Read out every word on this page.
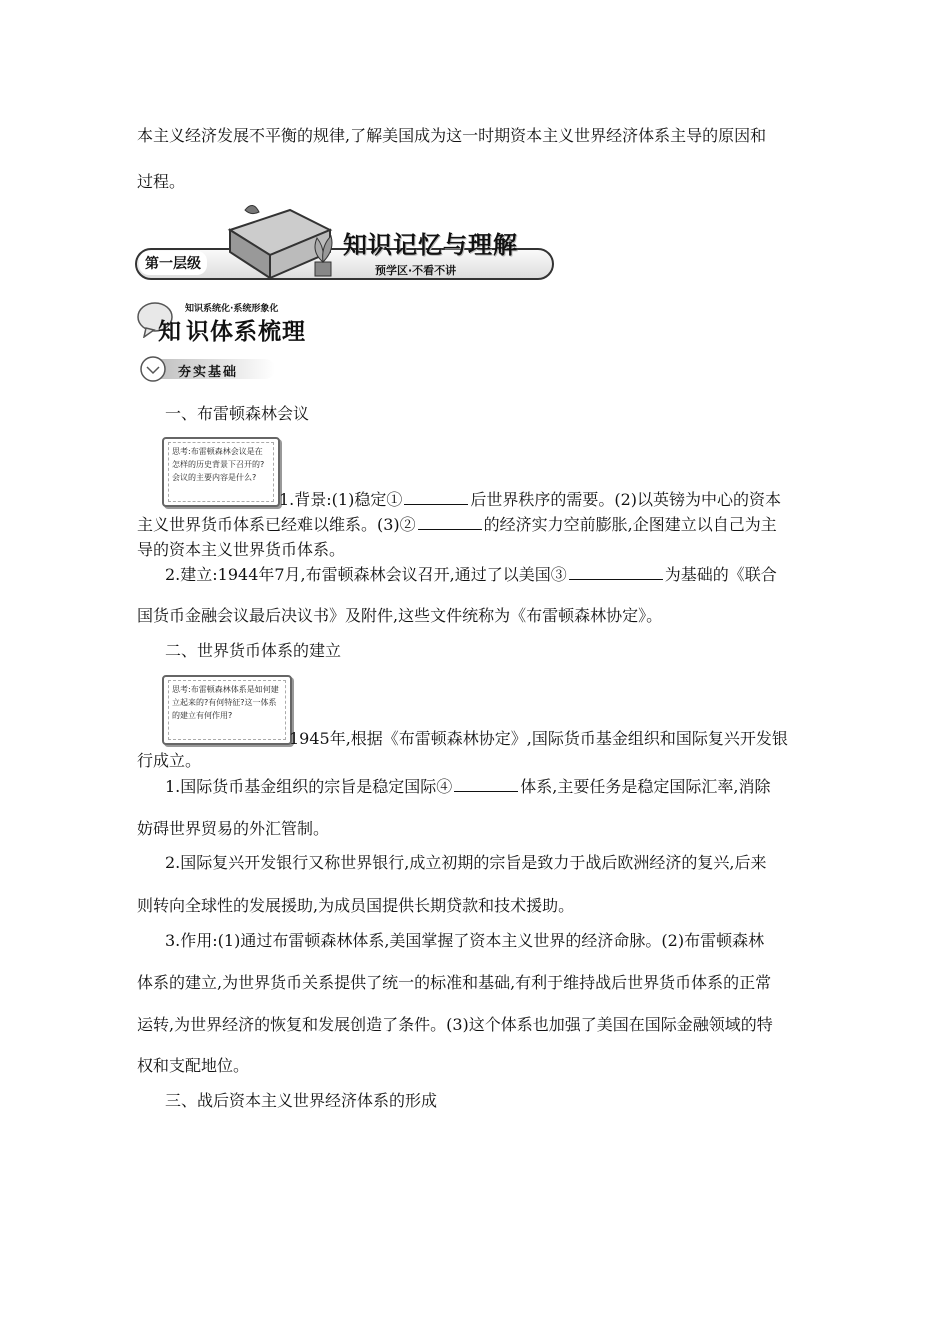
本主义经济发展不平衡的规律,了解美国成为这一时期资本主义世界经济体系主导的原因和
过程。
第一层级
知识记忆与理解
预学区·不看不讲
知
知识系统化·系统形象化
识体系梳理
夯实基础
一、布雷顿森林会议
思考:布雷顿森林会议是在怎样的历史背景下召开的?会议的主要内容是什么?
1.背景:(1)稳定①	后世界秩序的需要。(2)以英镑为中心的资本
主义世界货币体系已经难以维系。(3)②	的经济实力空前膨胀,企图建立以自己为主
导的资本主义世界货币体系。
2.建立:1944年7月,布雷顿森林会议召开,通过了以美国③	为基础的《联合
国货币金融会议最后决议书》及附件,这些文件统称为《布雷顿森林协定》。
二、世界货币体系的建立
思考:布雷顿森林体系是如何建立起来的?有何特征?这一体系的建立有何作用?
1945年,根据《布雷顿森林协定》,国际货币基金组织和国际复兴开发银
行成立。
1.国际货币基金组织的宗旨是稳定国际④	体系,主要任务是稳定国际汇率,消除
妨碍世界贸易的外汇管制。
2.国际复兴开发银行又称世界银行,成立初期的宗旨是致力于战后欧洲经济的复兴,后来
则转向全球性的发展援助,为成员国提供长期贷款和技术援助。
3.作用:(1)通过布雷顿森林体系,美国掌握了资本主义世界的经济命脉。(2)布雷顿森林
体系的建立,为世界货币关系提供了统一的标准和基础,有利于维持战后世界货币体系的正常
运转,为世界经济的恢复和发展创造了条件。(3)这个体系也加强了美国在国际金融领域的特
权和支配地位。
三、战后资本主义世界经济体系的形成
